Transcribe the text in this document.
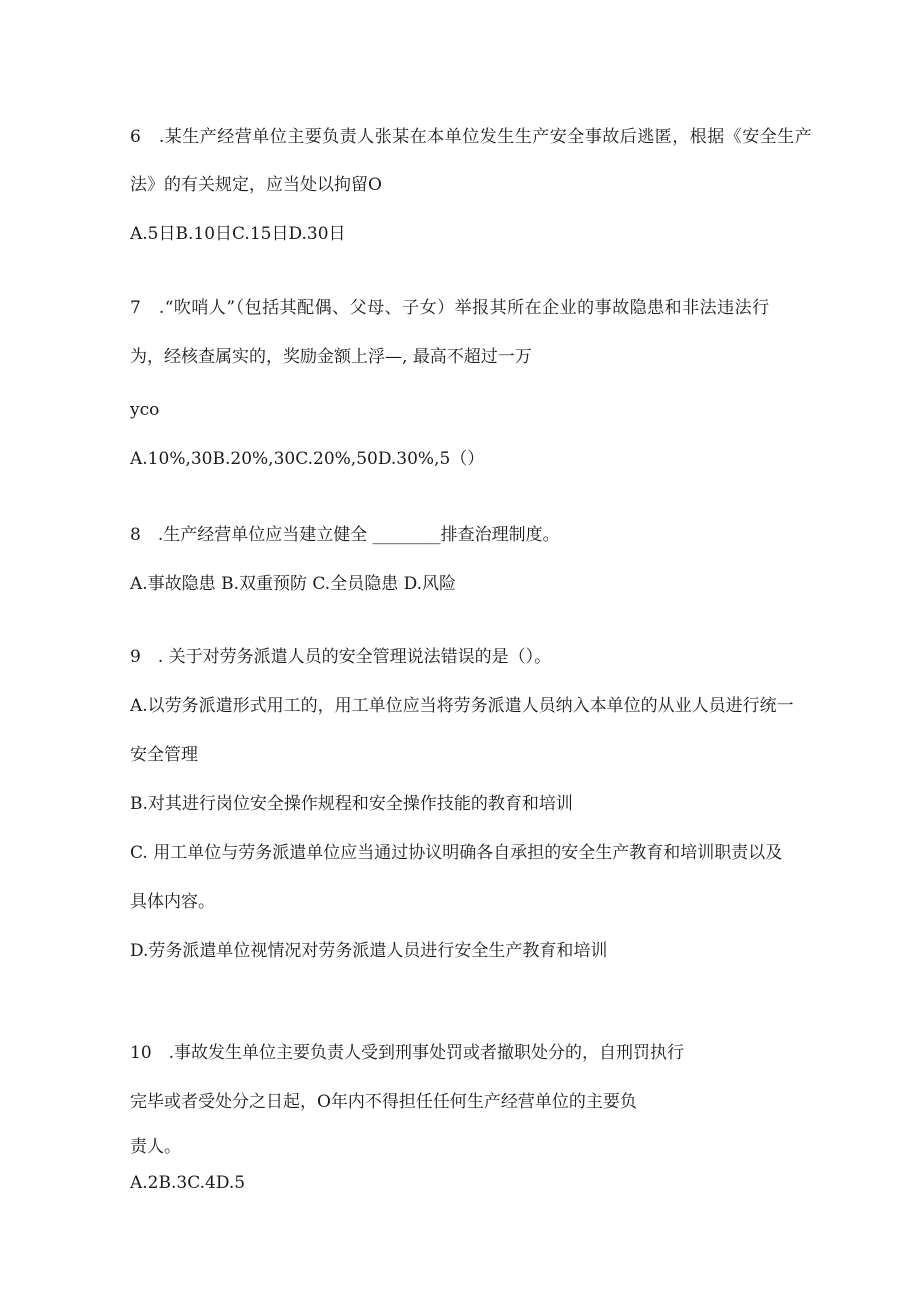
6　.某生产经营单位主要负责人张某在本单位发生生产安全事故后逃匿，根据《安全生产
法》的有关规定，应当处以拘留O
A.5日B.10日C.15日D.30日
7　.“吹哨人”（包括其配偶、父母、子女）举报其所在企业的事故隐患和非法违法行
为，经核查属实的，奖励金额上浮—, 最高不超过一万
yco
A.10%,30B.20%,30C.20%,50D.30%,5（）
8　.生产经营单位应当建立健全 ________排查治理制度。
A.事故隐患 B.双重预防 C.全员隐患 D.风险
9　. 关于对劳务派遣人员的安全管理说法错误的是（）。
A.以劳务派遣形式用工的，用工单位应当将劳务派遣人员纳入本单位的从业人员进行统一
安全管理
B.对其进行岗位安全操作规程和安全操作技能的教育和培训
C. 用工单位与劳务派遣单位应当通过协议明确各自承担的安全生产教育和培训职责以及
具体内容。
D.劳务派遣单位视情况对劳务派遣人员进行安全生产教育和培训
10　.事故发生单位主要负责人受到刑事处罚或者撤职处分的，自刑罚执行
完毕或者受处分之日起，O年内不得担任任何生产经营单位的主要负
责人。
A.2B.3C.4D.5
